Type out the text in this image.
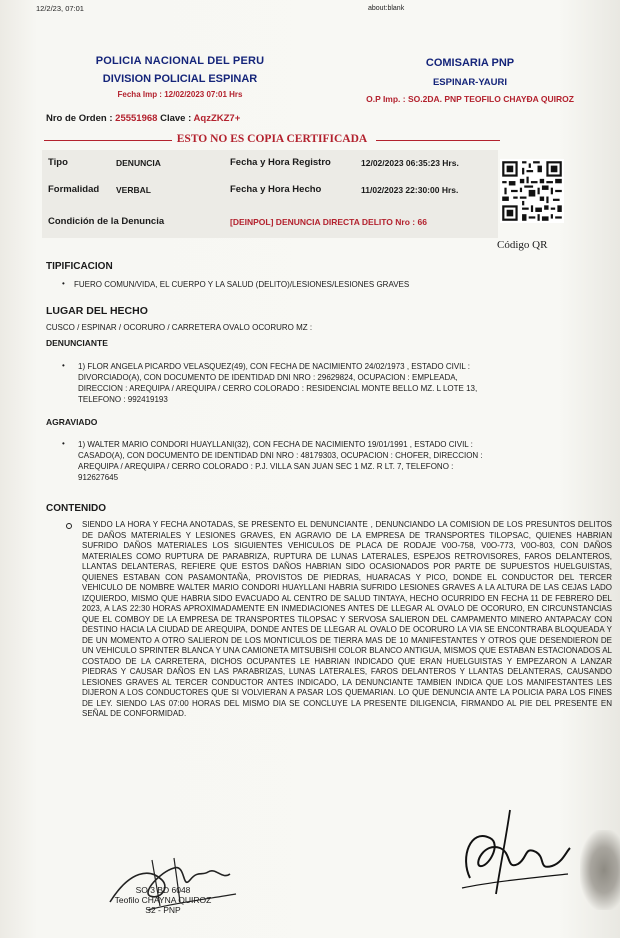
12/2/23, 07:01	about:blank
POLICIA NACIONAL DEL PERU
DIVISION POLICIAL ESPINAR
Fecha Imp : 12/02/2023 07:01 Hrs
COMISARIA PNP
ESPINAR-YAURI
O.P Imp. : SO.2DA. PNP TEOFILO CHAYÐA QUIROZ
Nro de Orden : 25551968 Clave : AqzZKZ7+
ESTO NO ES COPIA CERTIFICADA
Tipo	DENUNCIA	Fecha y Hora Registro	12/02/2023 06:35:23 Hrs.
Formalidad VERBAL	Fecha y Hora Hecho	11/02/2023 22:30:00 Hrs.
Condición de la Denuncia	[DEINPOL] DENUNCIA DIRECTA DELITO Nro : 66
Código QR
TIPIFICACION
• FUERO COMUN/VIDA, EL CUERPO Y LA SALUD (DELITO)/LESIONES/LESIONES GRAVES
LUGAR DEL HECHO
CUSCO / ESPINAR / OCORURO / CARRETERA OVALO OCORURO MZ :
DENUNCIANTE
• 1) FLOR ANGELA PICARDO VELASQUEZ(49), CON FECHA DE NACIMIENTO 24/02/1973 , ESTADO CIVIL :
DIVORCIADO(A), CON DOCUMENTO DE IDENTIDAD DNI NRO : 29629824, OCUPACION : EMPLEADA,
DIRECCION : AREQUIPA / AREQUIPA / CERRO COLORADO : RESIDENCIAL MONTE BELLO MZ. L LOTE 13,
TELEFONO : 992419193
AGRAVIADO
• 1) WALTER MARIO CONDORI HUAYLLANI(32), CON FECHA DE NACIMIENTO 19/01/1991 , ESTADO CIVIL :
CASADO(A), CON DOCUMENTO DE IDENTIDAD DNI NRO : 48179303, OCUPACION : CHOFER, DIRECCION :
AREQUIPA / AREQUIPA / CERRO COLORADO : P.J. VILLA SAN JUAN SEC 1 MZ. R LT. 7, TELEFONO :
912627645
CONTENIDO
SIENDO LA HORA Y FECHA ANOTADAS, SE PRESENTO EL DENUNCIANTE , DENUNCIANDO LA COMISION DE LOS PRESUNTOS DELITOS DE DAÑOS MATERIALES Y LESIONES GRAVES, EN AGRAVIO DE LA EMPRESA DE TRANSPORTES TILOPSAC, QUIENES HABRIAN SUFRIDO DAÑOS MATERIALES LOS SIGUIENTES VEHICULOS DE PLACA DE RODAJE V0O-758, V0O-773, V0O-803, CON DAÑOS MATERIALES COMO RUPTURA DE PARABRIZA, RUPTURA DE LUNAS LATERALES, ESPEJOS RETROVISORES, FAROS DELANTEROS, LLANTAS DELANTERAS, REFIERE QUE ESTOS DAÑOS HABRIAN SIDO OCASIONADOS POR PARTE DE SUPUESTOS HUELGUISTAS, QUIENES ESTABAN CON PASAMONTAÑA, PROVISTOS DE PIEDRAS, HUARACAS Y PICO, DONDE EL CONDUCTOR DEL TERCER VEHICULO DE NOMBRE WALTER MARIO CONDORI HUAYLLANI HABRIA SUFRIDO LESIONES GRAVES A LA ALTURA DE LAS CEJAS LADO IZQUIERDO, MISMO QUE HABRIA SIDO EVACUADO AL CENTRO DE SALUD TINTAYA, HECHO OCURRIDO EN FECHA 11 DE FEBRERO DEL 2023, A LAS 22:30 HORAS APROXIMADAMENTE EN INMEDIACIONES ANTES DE LLEGAR AL OVALO DE OCORURO, EN CIRCUNSTANCIAS QUE EL COMBOY DE LA EMPRESA DE TRANSPORTES TILOPSAC Y SERVOSA SALIERON DEL CAMPAMENTO MINERO ANTAPACAY CON DESTINO HACIA LA CIUDAD DE AREQUIPA, DONDE ANTES DE LLEGAR AL OVALO DE OCORURO LA VIA SE ENCONTRABA BLOQUEADA Y DE UN MOMENTO A OTRO SALIERON DE LOS MONTICULOS DE TIERRA MAS DE 10 MANIFESTANTES Y OTROS QUE DESENDIERON DE UN VEHICULO SPRINTER BLANCA Y UNA CAMIONETA MITSUBISHI COLOR BLANCO ANTIGUA, MISMOS QUE ESTABAN ESTACIONADOS AL COSTADO DE LA CARRETERA, DICHOS OCUPANTES LE HABRIAN INDICADO QUE ERAN HUELGUISTAS Y EMPEZARON A LANZAR PIEDRAS Y CAUSAR DAÑOS EN LAS PARABRIZAS, LUNAS LATERALES, FAROS DELANTEROS Y LLANTAS DELANTERAS, CAUSANDO LESIONES GRAVES AL TERCER CONDUCTOR ANTES INDICADO, LA DENUNCIANTE TAMBIEN INDICA QUE LOS MANIFESTANTES LES DIJERON A LOS CONDUCTORES QUE SI VOLVIERAN A PASAR LOS QUEMARIAN. LO QUE DENUNCIA ANTE LA POLICIA PARA LOS FINES DE LEY. SIENDO LAS 07:00 HORAS DEL MISMO DIA SE CONCLUYE LA PRESENTE DILIGENCIA, FIRMANDO AL PIE DEL PRESENTE EN SEÑAL DE CONFORMIDAD.
SO 3 BD 6048
Teofilo CHAYNA QUIROZ
S2 - PNP
